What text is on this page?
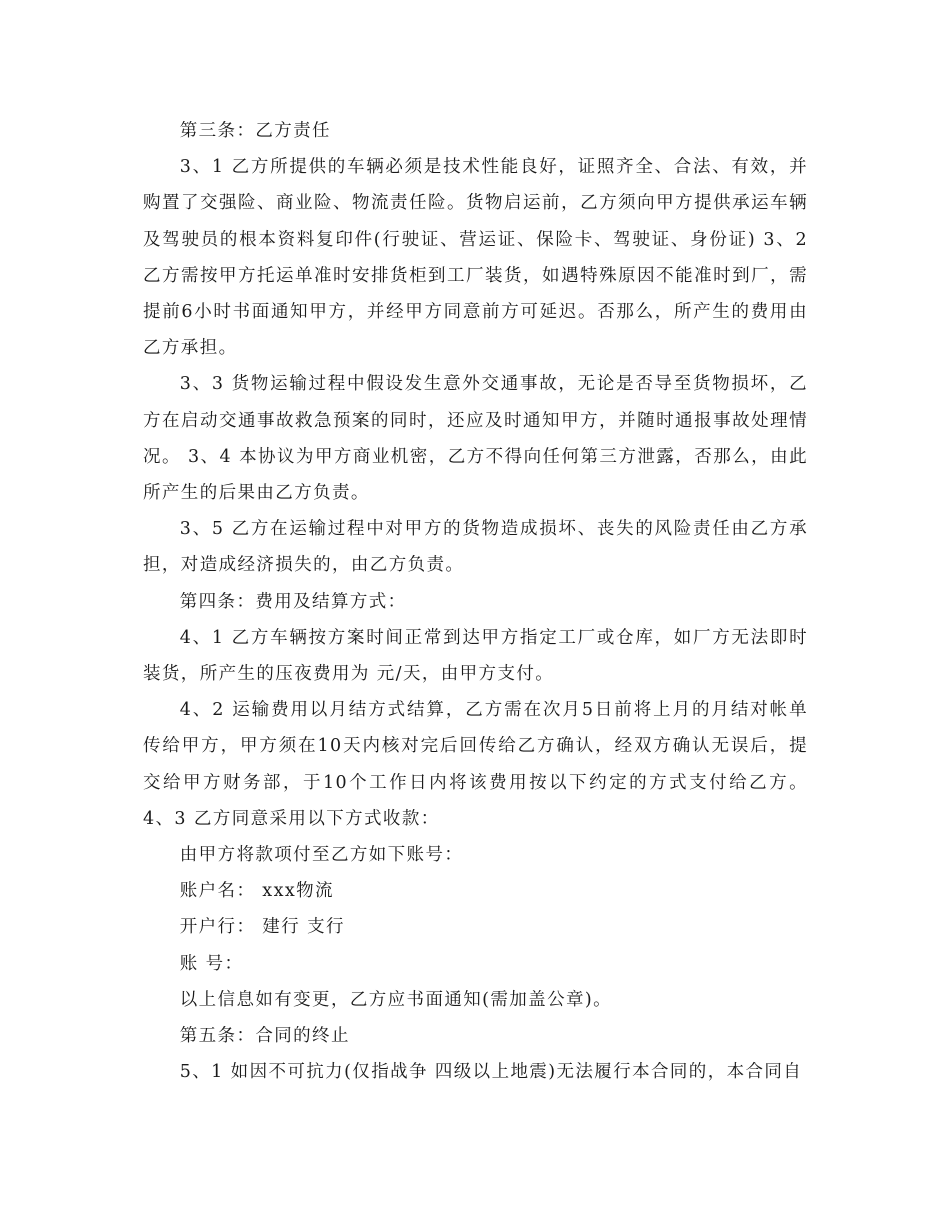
第三条：乙方责任

3、1 乙方所提供的车辆必须是技术性能良好，证照齐全、合法、有效，并购置了交强险、商业险、物流责任险。货物启运前，乙方须向甲方提供承运车辆及驾驶员的根本资料复印件(行驶证、营运证、保险卡、驾驶证、身份证) 3、2 乙方需按甲方托运单准时安排货柜到工厂装货，如遇特殊原因不能准时到厂，需提前6小时书面通知甲方，并经甲方同意前方可延迟。否那么，所产生的费用由乙方承担。

3、3 货物运输过程中假设发生意外交通事故，无论是否导至货物损坏，乙方在启动交通事故救急预案的同时，还应及时通知甲方，并随时通报事故处理情况。 3、4 本协议为甲方商业机密，乙方不得向任何第三方泄露，否那么，由此所产生的后果由乙方负责。

3、5 乙方在运输过程中对甲方的货物造成损坏、丧失的风险责任由乙方承担，对造成经济损失的，由乙方负责。

第四条：费用及结算方式：

4、1 乙方车辆按方案时间正常到达甲方指定工厂或仓库，如厂方无法即时装货，所产生的压夜费用为 元/天，由甲方支付。

4、2 运输费用以月结方式结算，乙方需在次月5日前将上月的月结对帐单传给甲方，甲方须在10天内核对完后回传给乙方确认，经双方确认无误后，提交给甲方财务部，于10个工作日内将该费用按以下约定的方式支付给乙方。 4、3 乙方同意采用以下方式收款：

由甲方将款项付至乙方如下账号：

账户名： xxx物流

开户行： 建行 支行

账 号：

以上信息如有变更，乙方应书面通知(需加盖公章)。

第五条：合同的终止

5、1 如因不可抗力(仅指战争 四级以上地震)无法履行本合同的，本合同自
